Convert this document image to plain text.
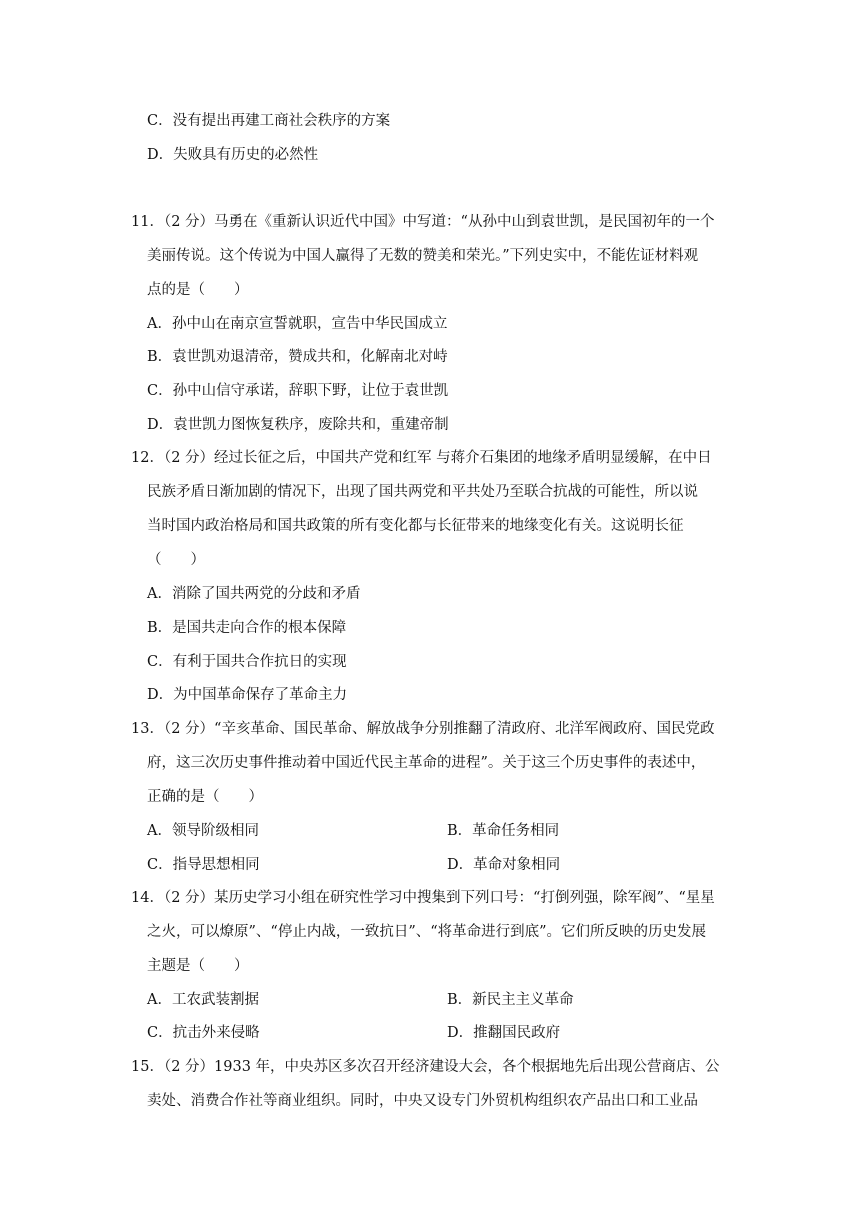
C．没有提出再建工商社会秩序的方案
D．失败具有历史的必然性
11．（2 分）马勇在《重新认识近代中国》中写道：“从孙中山到袁世凯，是民国初年的一个
美丽传说。这个传说为中国人赢得了无数的赞美和荣光。”下列史实中，不能佐证材料观
点的是（　　）
A．孙中山在南京宣誓就职，宣告中华民国成立
B．袁世凯劝退清帝，赞成共和，化解南北对峙
C．孙中山信守承诺，辞职下野，让位于袁世凯
D．袁世凯力图恢复秩序，废除共和，重建帝制
12．（2 分）经过长征之后，中国共产党和红军 与蒋介石集团的地缘矛盾明显缓解，在中日
民族矛盾日渐加剧的情况下，出现了国共两党和平共处乃至联合抗战的可能性，所以说
当时国内政治格局和国共政策的所有变化都与长征带来的地缘变化有关。这说明长征
（　　）
A．消除了国共两党的分歧和矛盾
B．是国共走向合作的根本保障
C．有利于国共合作抗日的实现
D．为中国革命保存了革命主力
13．（2 分）“辛亥革命、国民革命、解放战争分别推翻了清政府、北洋军阀政府、国民党政
府，这三次历史事件推动着中国近代民主革命的进程”。关于这三个历史事件的表述中，
正确的是（　　）
A．领导阶级相同	B．革命任务相同
C．指导思想相同	D．革命对象相同
14．（2 分）某历史学习小组在研究性学习中搜集到下列口号：“打倒列强，除军阀”、“星星
之火，可以燎原”、“停止内战，一致抗日”、“将革命进行到底”。它们所反映的历史发展
主题是（　　）
A．工农武装割据	B．新民主主义革命
C．抗击外来侵略	D．推翻国民政府
15．（2 分）1933 年，中央苏区多次召开经济建设大会，各个根据地先后出现公营商店、公
卖处、消费合作社等商业组织。同时，中央又设专门外贸机构组织农产品出口和工业品
